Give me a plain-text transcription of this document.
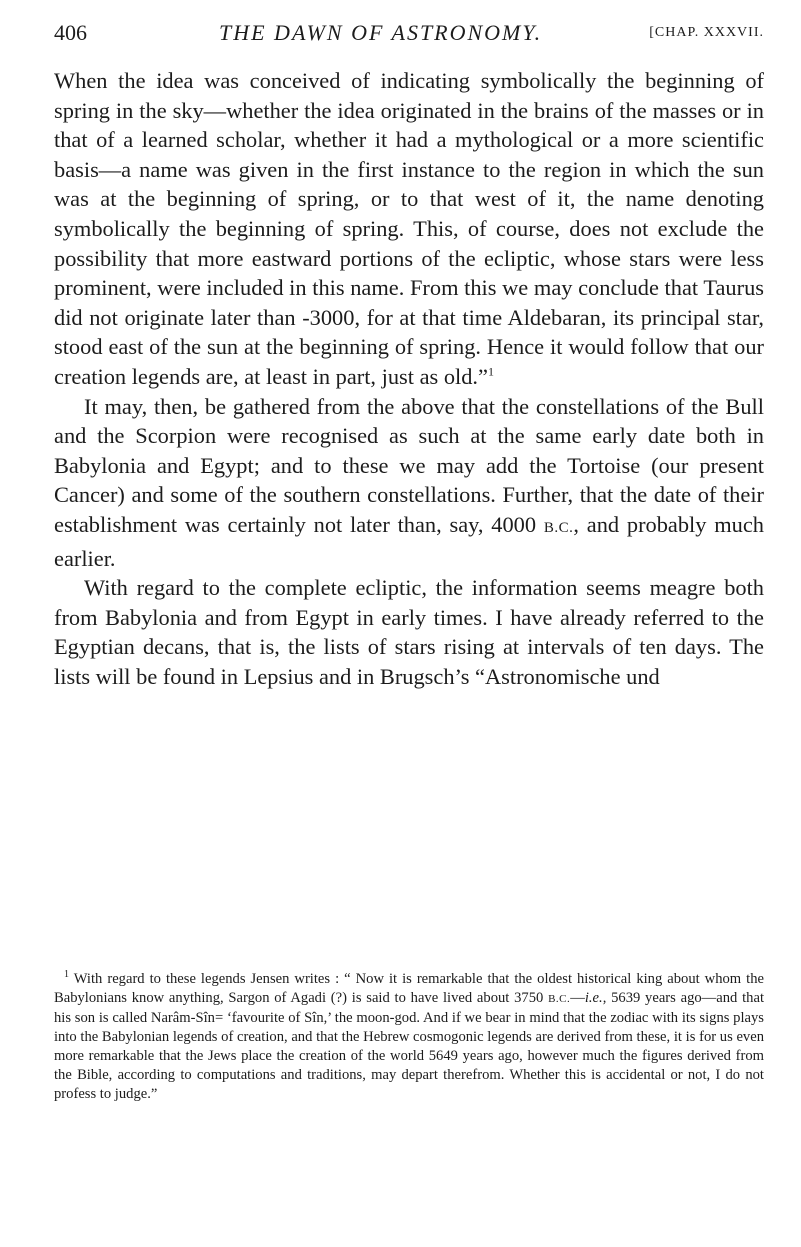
406	THE DAWN OF ASTRONOMY.	[CHAP. XXXVII.

When the idea was conceived of indicating symbolically the beginning of spring in the sky—whether the idea originated in the brains of the masses or in that of a learned scholar, whether it had a mythological or a more scientific basis—a name was given in the first instance to the region in which the sun was at the beginning of spring, or to that west of it, the name denoting symbolically the beginning of spring. This, of course, does not exclude the possibility that more eastward portions of the ecliptic, whose stars were less prominent, were included in this name. From this we may conclude that Taurus did not originate later than -3000, for at that time Aldebaran, its principal star, stood east of the sun at the beginning of spring. Hence it would follow that our creation legends are, at least in part, just as old.”$^1$

It may, then, be gathered from the above that the constellations of the Bull and the Scorpion were recognised as such at the same early date both in Babylonia and Egypt; and to these we may add the Tortoise (our present Cancer) and some of the southern constellations. Further, that the date of their establishment was certainly not later than, say, 4000 B.C., and probably much earlier.

With regard to the complete ecliptic, the information seems meagre both from Babylonia and from Egypt in early times. I have already referred to the Egyptian decans, that is, the lists of stars rising at intervals of ten days. The lists will be found in Lepsius and in Brugsch’s “Astronomische und

$^1$ With regard to these legends Jensen writes : “ Now it is remarkable that the oldest historical king about whom the Babylonians know anything, Sargon of Agadi (?) is said to have lived about 3750 B.C.—i.e., 5639 years ago—and that his son is called Narâm-Sîn= ‘favourite of Sîn,’ the moon-god. And if we bear in mind that the zodiac with its signs plays into the Babylonian legends of creation, and that the Hebrew cosmogonic legends are derived from these, it is for us even more remarkable that the Jews place the creation of the world 5649 years ago, however much the figures derived from the Bible, according to computations and traditions, may depart therefrom. Whether this is accidental or not, I do not profess to judge.”
